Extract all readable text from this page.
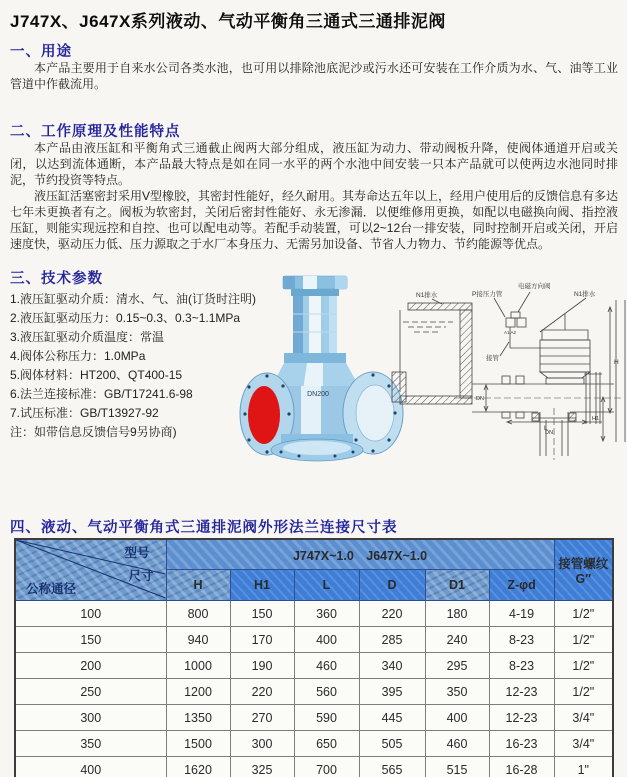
J747X、J647X系列液动、气动平衡角三通式三通排泥阀
一、用途

本产品主要用于自来水公司各类水池，也可用以排除池底泥沙或污水还可安装在工作介质为水、气、油等工业管道中作截流用。

二、工作原理及性能特点

本产品由液压缸和平衡角式三通截止阀两大部分组成，液压缸为动力、带动阀板升降，使阀体通道开启或关闭，以达到流体通断，本产品最大特点是如在同一水平的两个水池中间安装一只本产品就可以使两边水池同时排泥，节约投资等特点。

液压缸活塞密封采用V型橡胶，其密封性能好，经久耐用。其寿命达五年以上，经用户使用后的反馈信息有多达七年未更换者有之。阀板为软密封，关闭后密封性能好、永无渗漏．以便维修用更换，如配以电磁换向阀、指控液压缸，则能实现远控和自控、也可以配电动等。若配手动装置，可以2~12台一排安装，同时控制开启或关闭，开启速度快，驱动压力低、压力源取之于水厂本身压力、无需另加设备、节省人力物力、节约能源等优点。

三、技术参数
1.液压缸驱动介质：清水、气、油(订货时注明)
2.液压缸驱动压力：0.15~0.3、0.3~1.1MPa
3.液压缸驱动介质温度：常温
4.阀体公称压力：1.0MPa
5.阀体材料：HT200、QT400-15
6.法兰连接标准：GB/T17241.6-98
7.试压标准：GB/T13927-92
注：如带信息反馈信号9另协商)
DN200
N1排水	P接压力管
电磁方向阀
N1排水
接管
A1 A2
H
H1
L
DN
DN
四、液动、气动平衡角式三通排泥阀外形法兰连接尺寸表
型号
尺寸
公称通径	J747X~1.0　J647X~1.0						接管螺纹G″
	H	H1	L	D	D1	Z-φd	
100	800	150	360	220	180	4-19	1/2"
150	940	170	400	285	240	8-23	1/2"
200	1000	190	460	340	295	8-23	1/2"
250	1200	220	560	395	350	12-23	1/2"
300	1350	270	590	445	400	12-23	3/4"
350	1500	300	650	505	460	16-23	3/4"
400	1620	325	700	565	515	16-28	1"
